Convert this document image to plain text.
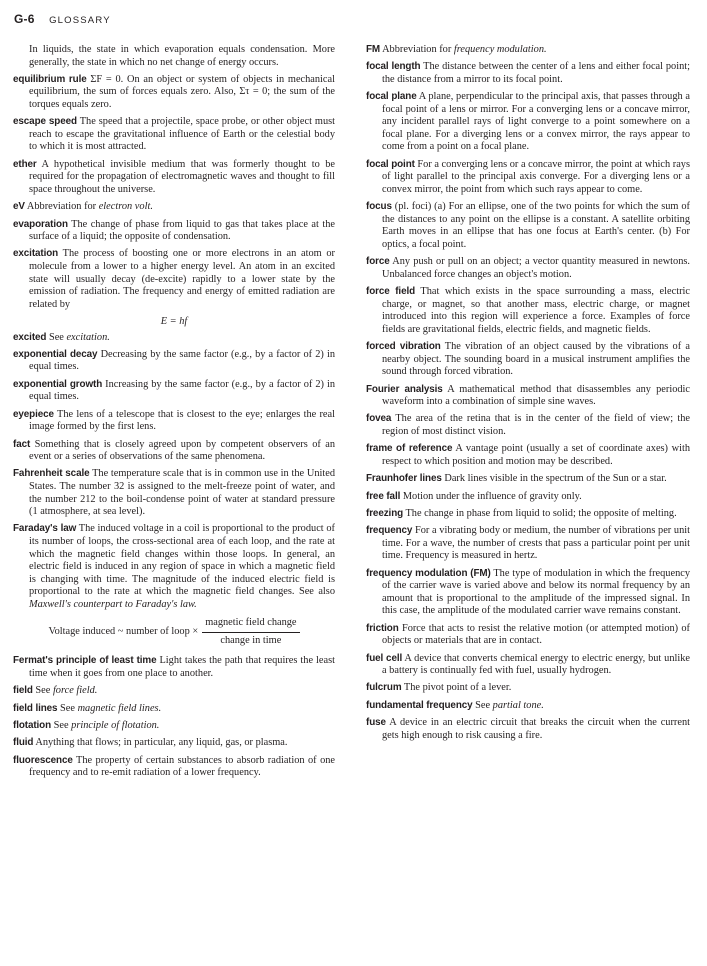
G-6 GLOSSARY

In liquids, the state in which evaporation equals condensation. More generally, the state in which no net change of energy occurs.

equilibrium rule ΣF = 0. On an object or system of objects in mechanical equilibrium, the sum of forces equals zero. Also, Στ = 0; the sum of the torques equals zero.

escape speed The speed that a projectile, space probe, or other object must reach to escape the gravitational influence of Earth or the celestial body to which it is most attracted.

ether A hypothetical invisible medium that was formerly thought to be required for the propagation of electromagnetic waves and thought to fill space throughout the universe.

eV Abbreviation for electron volt.

evaporation The change of phase from liquid to gas that takes place at the surface of a liquid; the opposite of condensation.

excitation The process of boosting one or more electrons in an atom or molecule from a lower to a higher energy level. An atom in an excited state will usually decay (de-excite) rapidly to a lower state by the emission of radiation. The frequency and energy of emitted radiation are related by

E = hf

excited See excitation.

exponential decay Decreasing by the same factor (e.g., by a factor of 2) in equal times.

exponential growth Increasing by the same factor (e.g., by a factor of 2) in equal times.

eyepiece The lens of a telescope that is closest to the eye; enlarges the real image formed by the first lens.

fact Something that is closely agreed upon by competent observers of an event or a series of observations of the same phenomena.

Fahrenheit scale The temperature scale that is in common use in the United States. The number 32 is assigned to the melt-freeze point of water, and the number 212 to the boil-condense point of water at standard pressure (1 atmosphere, at sea level).

Faraday's law The induced voltage in a coil is proportional to the product of its number of loops, the cross-sectional area of each loop, and the rate at which the magnetic field changes within those loops. In general, an electric field is induced in any region of space in which a magnetic field is changing with time. The magnitude of the induced electric field is proportional to the rate at which the magnetic field changes. See also Maxwell's counterpart to Faraday's law.

Voltage induced ~ number of loop × $\frac{\text{magnetic field change}}{\text{change in time}}$

Fermat's principle of least time Light takes the path that requires the least time when it goes from one place to another.

field See force field.

field lines See magnetic field lines.

flotation See principle of flotation.

fluid Anything that flows; in particular, any liquid, gas, or plasma.

fluorescence The property of certain substances to absorb radiation of one frequency and to re-emit radiation of a lower frequency.

FM Abbreviation for frequency modulation.

focal length The distance between the center of a lens and either focal point; the distance from a mirror to its focal point.

focal plane A plane, perpendicular to the principal axis, that passes through a focal point of a lens or mirror. For a converging lens or a concave mirror, any incident parallel rays of light converge to a point somewhere on a focal plane. For a diverging lens or a convex mirror, the rays appear to come from a point on a focal plane.

focal point For a converging lens or a concave mirror, the point at which rays of light parallel to the principal axis converge. For a diverging lens or a convex mirror, the point from which such rays appear to come.

focus (pl. foci) (a) For an ellipse, one of the two points for which the sum of the distances to any point on the ellipse is a constant. A satellite orbiting Earth moves in an ellipse that has one focus at Earth's center. (b) For optics, a focal point.

force Any push or pull on an object; a vector quantity measured in newtons. Unbalanced force changes an object's motion.

force field That which exists in the space surrounding a mass, electric charge, or magnet, so that another mass, electric charge, or magnet introduced into this region will experience a force. Examples of force fields are gravitational fields, electric fields, and magnetic fields.

forced vibration The vibration of an object caused by the vibrations of a nearby object. The sounding board in a musical instrument amplifies the sound through forced vibration.

Fourier analysis A mathematical method that disassembles any periodic waveform into a combination of simple sine waves.

fovea The area of the retina that is in the center of the field of view; the region of most distinct vision.

frame of reference A vantage point (usually a set of coordinate axes) with respect to which position and motion may be described.

Fraunhofer lines Dark lines visible in the spectrum of the Sun or a star.

free fall Motion under the influence of gravity only.

freezing The change in phase from liquid to solid; the opposite of melting.

frequency For a vibrating body or medium, the number of vibrations per unit time. For a wave, the number of crests that pass a particular point per unit time. Frequency is measured in hertz.

frequency modulation (FM) The type of modulation in which the frequency of the carrier wave is varied above and below its normal frequency by an amount that is proportional to the amplitude of the impressed signal. In this case, the amplitude of the modulated carrier wave remains constant.

friction Force that acts to resist the relative motion (or attempted motion) of objects or materials that are in contact.

fuel cell A device that converts chemical energy to electric energy, but unlike a battery is continually fed with fuel, usually hydrogen.

fulcrum The pivot point of a lever.

fundamental frequency See partial tone.

fuse A device in an electric circuit that breaks the circuit when the current gets high enough to risk causing a fire.
